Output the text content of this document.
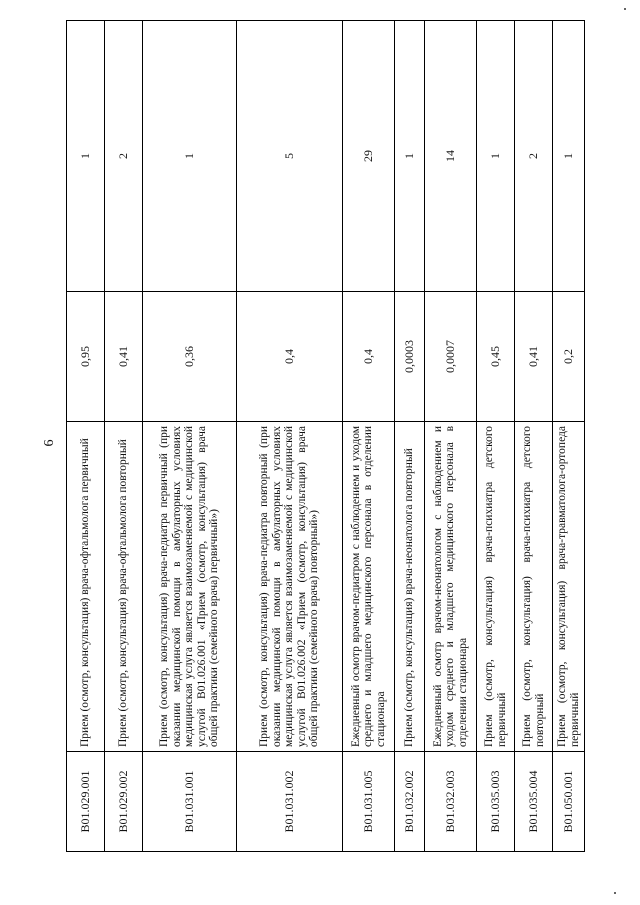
6
B01.029.001	Прием (осмотр, консультация) врача-офтальмолога первичный	0,95	1
B01.029.002	Прием (осмотр, консультация) врача-офтальмолога повторный	0,41	2
B01.031.001	Прием (осмотр, консультация) врача-педиатра первичный (при оказании медицинской помощи в амбулаторных условиях медицинская услуга является взаимозаменяемой с медицинской услугой B01.026.001 «Прием (осмотр, консультация) врача общей практики (семейного врача) первичный»)	0,36	1
B01.031.002	Прием (осмотр, консультация) врача-педиатра повторный (при оказании медицинской помощи в амбулаторных условиях медицинская услуга является взаимозаменяемой с медицинской услугой B01.026.002 «Прием (осмотр, консультация) врача общей практики (семейного врача) повторный»)	0,4	5
B01.031.005	Ежедневный осмотр врачом-педиатром с наблюдением и уходом среднего и младшего медицинского персонала в отделении стационара	0,4	29
B01.032.002	Прием (осмотр, консультация) врача-неонатолога повторный	0,0003	1
B01.032.003	Ежедневный осмотр врачом-неонатологом с наблюдением и уходом среднего и младшего медицинского персонала в отделении стационара	0,0007	14
B01.035.003	Прием (осмотр, консультация) врача-психиатра детского первичный	0,45	1
B01.035.004	Прием (осмотр, консультация) врача-психиатра детского повторный	0,41	2
B01.050.001	Прием (осмотр, консультация) врача-травматолога-ортопеда первичный	0,2	1
